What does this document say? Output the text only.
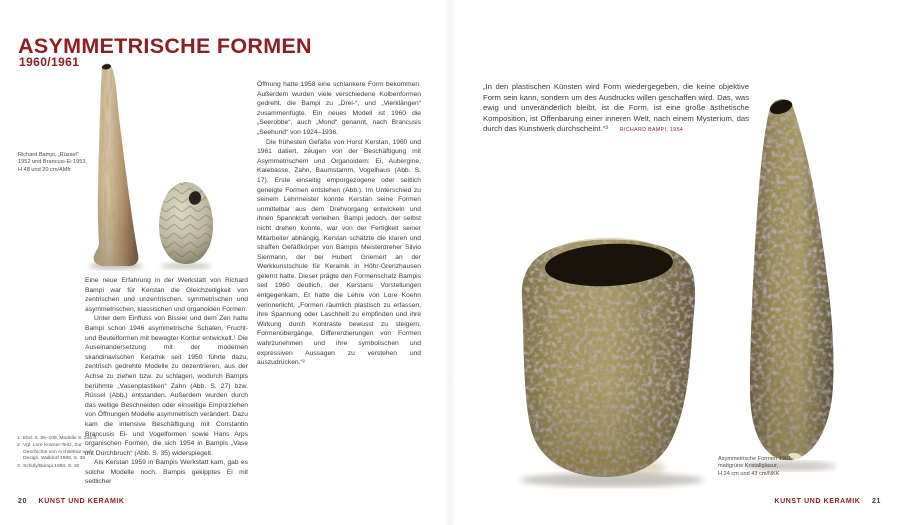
ASYMMETRISCHE FORMEN
1960/1961
Richard Bampi, „Rüssel“
1952 und Brancusi-Ei 1953,
H 48 und 20 cm/AMfr

Eine neue Erfahrung in der Werkstatt von Richard Bampi war für Kerstan die Gleichzeitigkeit von zentrischen und unzentrischen, symmetrischen und asymmetrischen, klassischen und organoiden Formen.

Unter dem Einfluss von Bissier und dem Zen hatte Bampi schon 1946 asymmetrische Schalen, Frucht- und Beutelformen mit bewegter Kontur entwickelt.¹ Die Auseinandersetzung mit der modernen skandinavischen Keramik seit 1950 führte dazu, zentrisch gedrehte Modelle zu dezentrieren, aus der Achse zu ziehen bzw. zu schlagen, wodurch Bampis berühmte „Vasenplastiken“ Zahn (Abb. S. 27) bzw. Rüssel (Abb.) entstanden. Außerdem wurden durch das wellige Beschneiden oder einseitige Emporziehen von Öffnungen Modelle asymmetrisch verändert. Dazu kam die intensive Beschäftigung mit Constantin Brancusis Ei- und Vogelformen sowie Hans Arps organischen Formen, die sich 1954 in Bampis „Vase mit Durchbruch“ (Abb. S. 35) widerspiegelt.

Als Kerstan 1959 in Bampis Werkstatt kam, gab es solche Modelle noch. Bampis gekipptes Ei mit seitlicher

Öffnung hatte 1958 eine schlankere Form bekommen. Außerdem wurden viele verschiedene Kolbenformen gedreht, die Bampi zu „Drei-“, und „Vierklängen“ zusammenfügte. Ein neues Modell ist 1960 die „Seerobbe“, auch „Mond“ genannt, nach Brancusis „Seehund“ von 1924–1936.

Die frühesten Gefäße von Horst Kerstan, 1960 und 1961 datiert, zeugen von der Beschäftigung mit Asymmetrischem und Organoidem: Ei, Aubergine, Kalebasse, Zahn, Baumstamm, Vogelhaus (Abb. S. 17). Erste einseitig emporgezogene oder seitlich geneigte Formen entstehen (Abb.). Im Unterschied zu seinem Lehrmeister konnte Kerstan seine Formen unmittelbar aus dem Drehvorgang entwickeln und ihnen Spannkraft verleihen. Bampi jedoch, der selbst nicht drehen konnte, war von der Fertigkeit seiner Mitarbeiter abhängig. Kerstan schätzte die klaren und straffen Gefäßkörper von Bampis Meisterdreher Silvio Siermann, der bei Hubert Griemert an der Werkkunstschule für Keramik in Höhr-Grenzhausen gelernt hatte. Dieser prägte den Formenschatz Bampis seit 1960 deutlich, der Kerstans Vorstellungen entgegenkam. Er hatte die Lehre von Lore Koehn verinnerlicht, „Formen räumlich plastisch zu erfassen, ihre Spannung oder Laschheit zu empfinden und ihre Wirkung durch Kontraste bewusst zu steigern, Formenübergänge, Differenzierungen von Formen wahrzunehmen und ihre symbolischen und expressiven Aussagen zu verstehen und auszudrücken.“²

1 Ebd. S. 95–105, Modelle S. 346 ff.
2 Vgl. Lore Kramer-Teitz, Zur Geschichte von Architektur und Design, Walldorf 1998, S. 36
3 Schüly/Bampi 1993, S. 30
20 KUNST UND KERAMIK
„In den plastischen Künsten wird Form wiedergegeben, die keine objektive Form sein kann, sondern um des Ausdrucks willen geschaffen wird. Das, was ewig und unveränderlich bleibt, ist die Form, ist eine große ästhetische Komposition, ist Offenbarung einer inneren Welt, nach einem Mysterium, das durch das Kunstwerk durchscheint.“³ RICHARD BAMPI, 1954
Asymmetrische Formen 1961,
mattgrüne Kristallglasur,
H 24 cm und 43 cm/NKK
KUNST UND KERAMIK 21
